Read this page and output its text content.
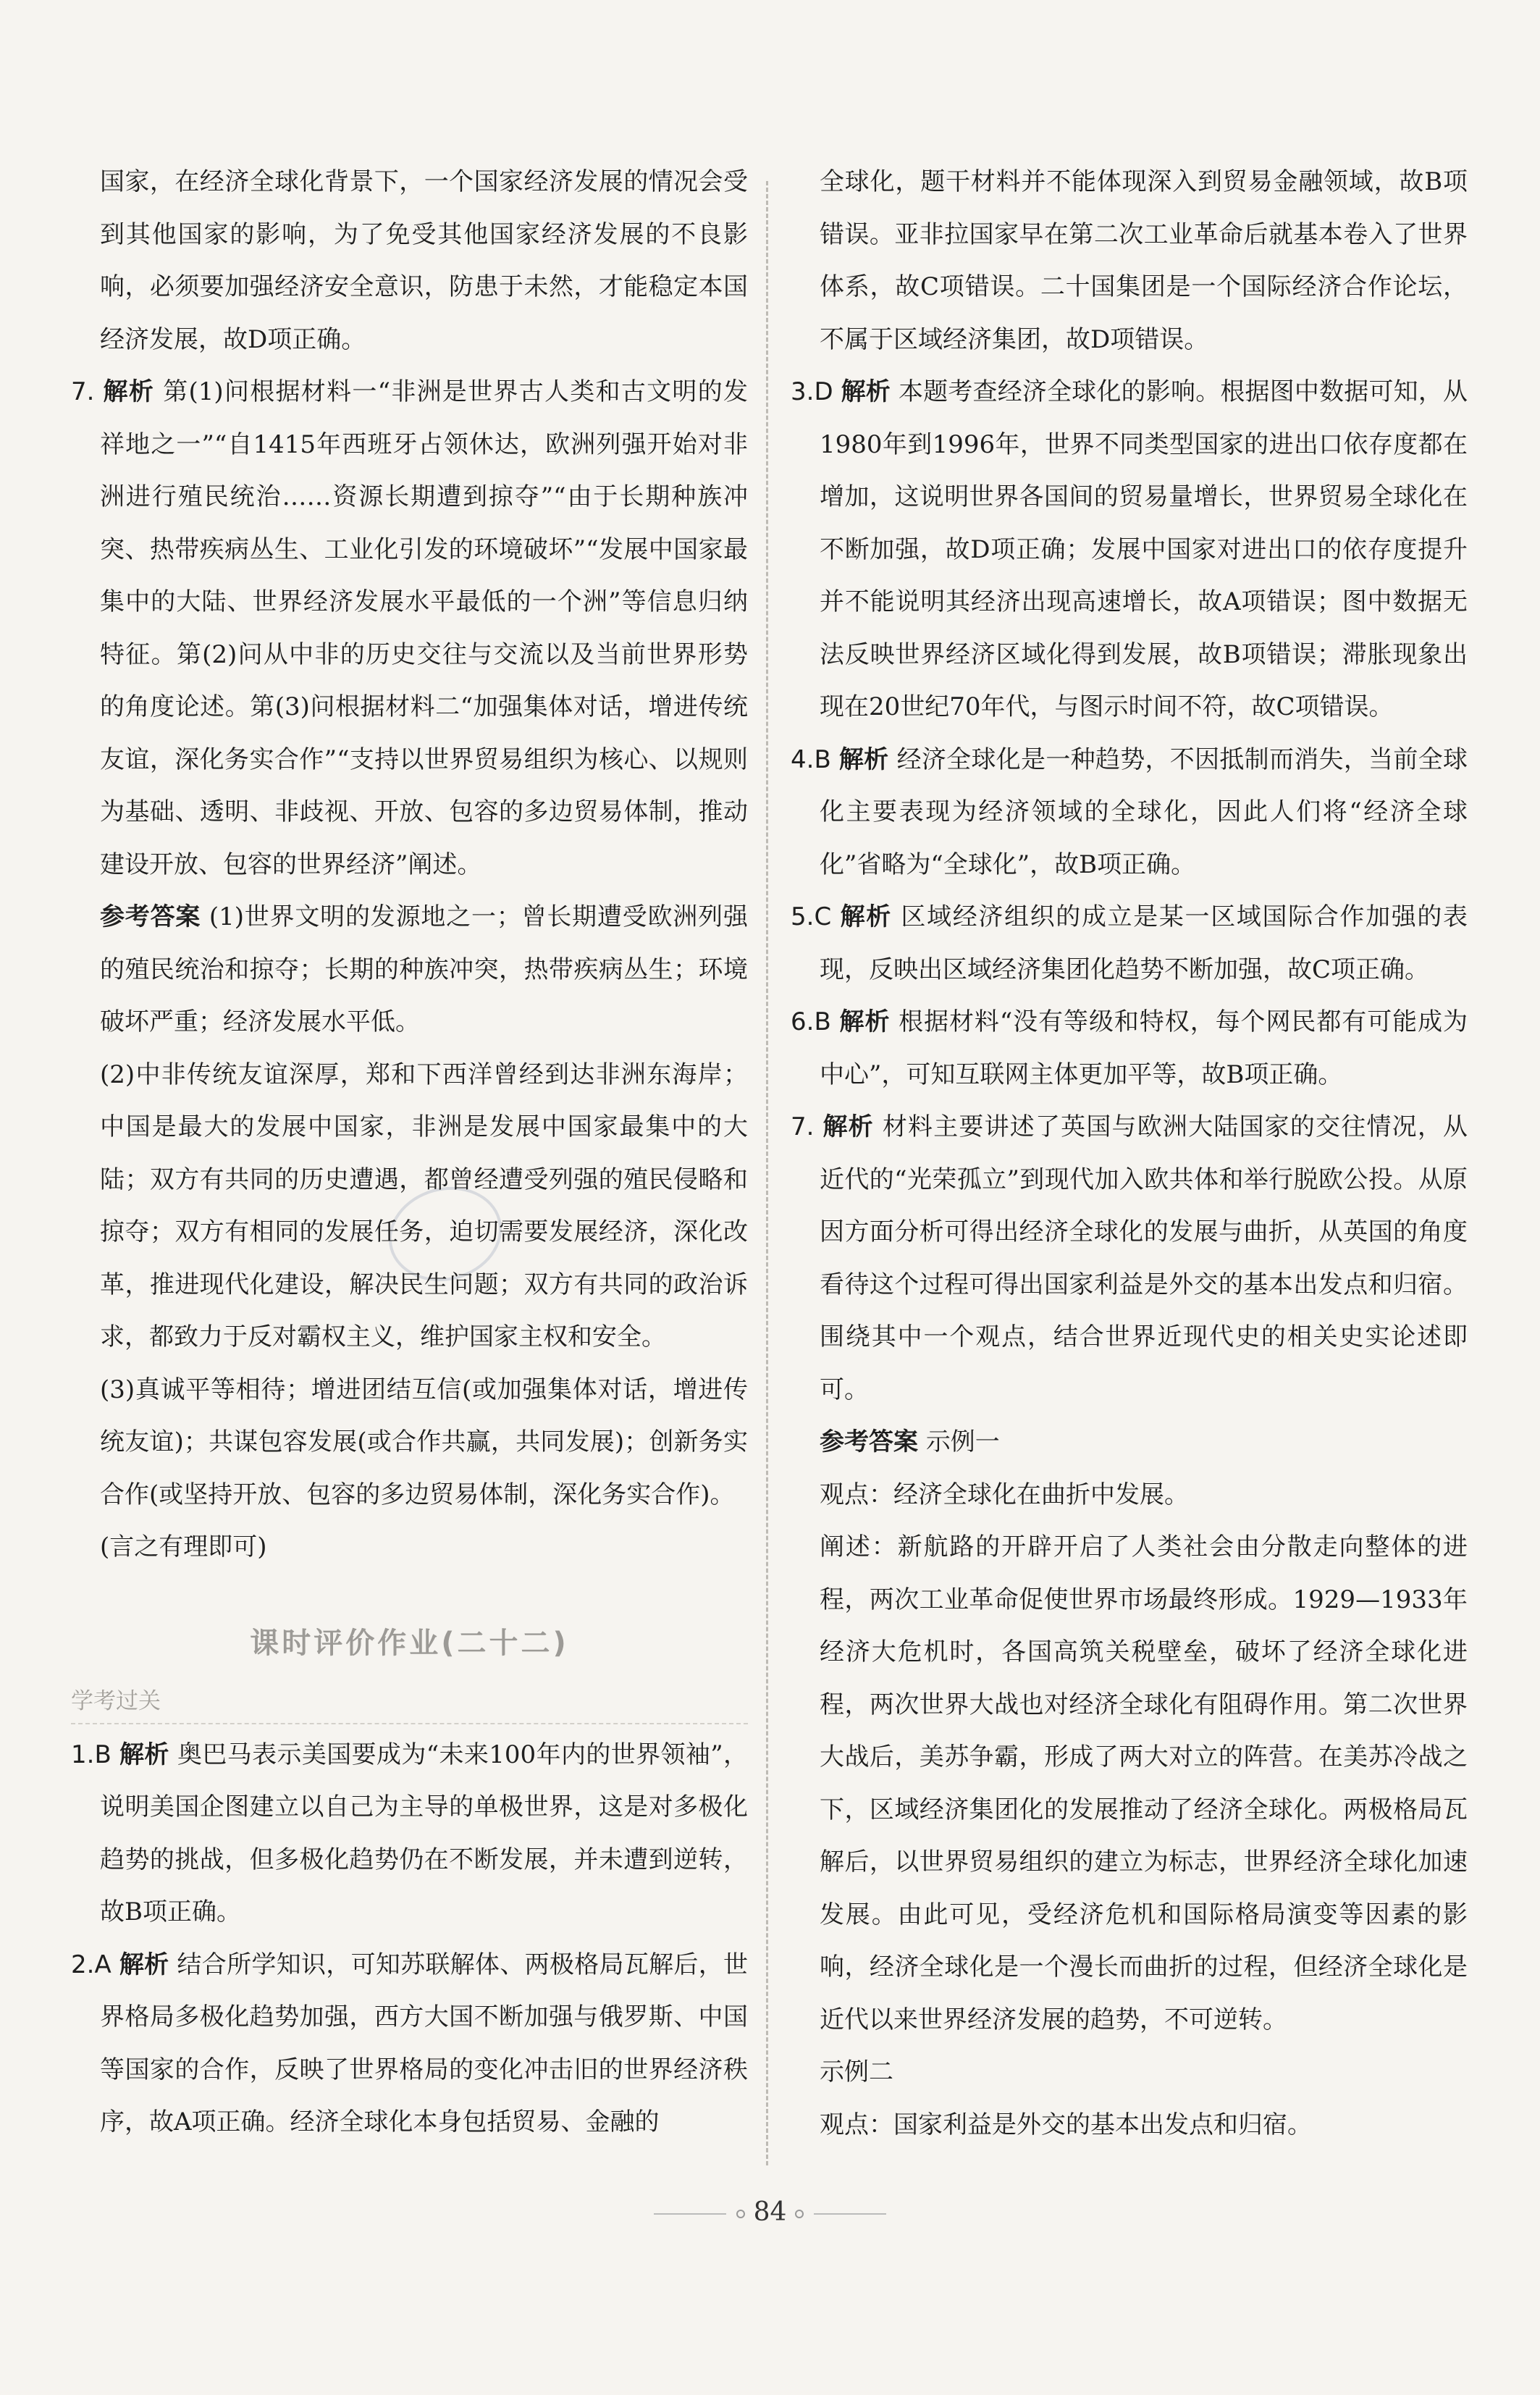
国家，在经济全球化背景下，一个国家经济发展的情况会受到其他国家的影响，为了免受其他国家经济发展的不良影响，必须要加强经济安全意识，防患于未然，才能稳定本国经济发展，故D项正确。

7. 解析 第(1)问根据材料一“非洲是世界古人类和古文明的发祥地之一”“自1415年西班牙占领休达，欧洲列强开始对非洲进行殖民统治……资源长期遭到掠夺”“由于长期种族冲突、热带疾病丛生、工业化引发的环境破坏”“发展中国家最集中的大陆、世界经济发展水平最低的一个洲”等信息归纳特征。第(2)问从中非的历史交往与交流以及当前世界形势的角度论述。第(3)问根据材料二“加强集体对话，增进传统友谊，深化务实合作”“支持以世界贸易组织为核心、以规则为基础、透明、非歧视、开放、包容的多边贸易体制，推动建设开放、包容的世界经济”阐述。

参考答案 (1)世界文明的发源地之一；曾长期遭受欧洲列强的殖民统治和掠夺；长期的种族冲突，热带疾病丛生；环境破坏严重；经济发展水平低。

(2)中非传统友谊深厚，郑和下西洋曾经到达非洲东海岸；中国是最大的发展中国家，非洲是发展中国家最集中的大陆；双方有共同的历史遭遇，都曾经遭受列强的殖民侵略和掠夺；双方有相同的发展任务，迫切需要发展经济，深化改革，推进现代化建设，解决民生问题；双方有共同的政治诉求，都致力于反对霸权主义，维护国家主权和安全。

(3)真诚平等相待；增进团结互信(或加强集体对话，增进传统友谊)；共谋包容发展(或合作共赢，共同发展)；创新务实合作(或坚持开放、包容的多边贸易体制，深化务实合作)。

(言之有理即可)

课时评价作业(二十二)
学考过关

1.B 解析 奥巴马表示美国要成为“未来100年内的世界领袖”，说明美国企图建立以自己为主导的单极世界，这是对多极化趋势的挑战，但多极化趋势仍在不断发展，并未遭到逆转，故B项正确。

2.A 解析 结合所学知识，可知苏联解体、两极格局瓦解后，世界格局多极化趋势加强，西方大国不断加强与俄罗斯、中国等国家的合作，反映了世界格局的变化冲击旧的世界经济秩序，故A项正确。经济全球化本身包括贸易、金融的

全球化，题干材料并不能体现深入到贸易金融领域，故B项错误。亚非拉国家早在第二次工业革命后就基本卷入了世界体系，故C项错误。二十国集团是一个国际经济合作论坛，不属于区域经济集团，故D项错误。

3.D 解析 本题考查经济全球化的影响。根据图中数据可知，从1980年到1996年，世界不同类型国家的进出口依存度都在增加，这说明世界各国间的贸易量增长，世界贸易全球化在不断加强，故D项正确；发展中国家对进出口的依存度提升并不能说明其经济出现高速增长，故A项错误；图中数据无法反映世界经济区域化得到发展，故B项错误；滞胀现象出现在20世纪70年代，与图示时间不符，故C项错误。

4.B 解析 经济全球化是一种趋势，不因抵制而消失，当前全球化主要表现为经济领域的全球化，因此人们将“经济全球化”省略为“全球化”，故B项正确。

5.C 解析 区域经济组织的成立是某一区域国际合作加强的表现，反映出区域经济集团化趋势不断加强，故C项正确。

6.B 解析 根据材料“没有等级和特权，每个网民都有可能成为中心”，可知互联网主体更加平等，故B项正确。

7. 解析 材料主要讲述了英国与欧洲大陆国家的交往情况，从近代的“光荣孤立”到现代加入欧共体和举行脱欧公投。从原因方面分析可得出经济全球化的发展与曲折，从英国的角度看待这个过程可得出国家利益是外交的基本出发点和归宿。围绕其中一个观点，结合世界近现代史的相关史实论述即可。

参考答案 示例一

观点：经济全球化在曲折中发展。

阐述：新航路的开辟开启了人类社会由分散走向整体的进程，两次工业革命促使世界市场最终形成。1929—1933年经济大危机时，各国高筑关税壁垒，破坏了经济全球化进程，两次世界大战也对经济全球化有阻碍作用。第二次世界大战后，美苏争霸，形成了两大对立的阵营。在美苏冷战之下，区域经济集团化的发展推动了经济全球化。两极格局瓦解后，以世界贸易组织的建立为标志，世界经济全球化加速发展。由此可见，受经济危机和国际格局演变等因素的影响，经济全球化是一个漫长而曲折的过程，但经济全球化是近代以来世界经济发展的趋势，不可逆转。

示例二

观点：国家利益是外交的基本出发点和归宿。

84
